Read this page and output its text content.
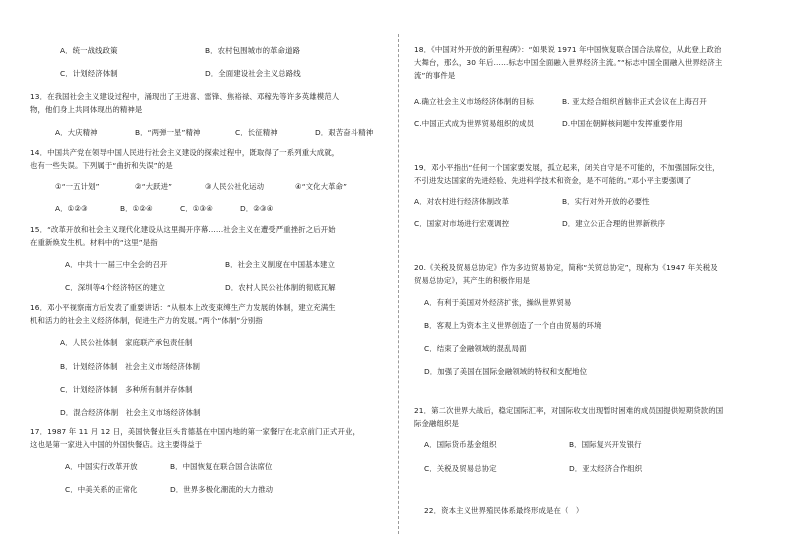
A．统一战线政策	B．农村包围城市的革命道路
C．计划经济体制	D．全面建设社会主义总路线
13．在我国社会主义建设过程中，涌现出了王进喜、雷锋、焦裕禄、邓稼先等许多英雄模范人
物，他们身上共同体现出的精神是
A．大庆精神	B．“两弹一星”精神	C．长征精神	D．艰苦奋斗精神
14．中国共产党在领导中国人民进行社会主义建设的探索过程中，既取得了一系列重大成就，
也有一些失误。下列属于“曲折和失误”的是
①“一五计划”	②“大跃进”	③人民公社化运动	④“文化大革命”
A．①②③	B．①②④	C．①③④	D．②③④
15．“改革开放和社会主义现代化建设从这里揭开序幕……社会主义在遭受严重挫折之后开始
在重新焕发生机。材料中的“这里”是指
A．中共十一届三中全会的召开	B．社会主义制度在中国基本建立
C．深圳等4个经济特区的建立	D．农村人民公社体制的彻底瓦解
16．邓小平视察南方后发表了重要讲话：“从根本上改变束缚生产力发展的体制，建立充满生
机和活力的社会主义经济体制，促进生产力的发展。”两个“体制”分别指
A．人民公社体制　家庭联产承包责任制
B．计划经济体制　社会主义市场经济体制
C．计划经济体制　多种所有制并存体制
D．混合经济体制　社会主义市场经济体制
17．1987 年 11 月 12 日，美国快餐业巨头肯德基在中国内地的第一家餐厅在北京前门正式开业，
这也是第一家进入中国的外国快餐店。这主要得益于
A．中国实行改革开放	B．中国恢复在联合国合法席位
C．中美关系的正常化	D．世界多极化潮流的大力推动
18．《中国对外开放的新里程碑》：“如果说 1971 年中国恢复联合国合法席位，从此登上政治
大舞台，那么，30 年后……标志中国全面融入世界经济主流。”“标志中国全面融入世界经济主
流”的事件是
A.确立社会主义市场经济体制的目标	B. 亚太经合组织首脑非正式会议在上海召开
C.中国正式成为世界贸易组织的成员	D.中国在朝鲜核问题中发挥重要作用
19．邓小平指出“任何一个国家要发展，孤立起来，闭关自守是不可能的，不加强国际交往，
不引进发达国家的先进经验、先进科学技术和资金，是不可能的。”邓小平主要强调了
A．对农村进行经济体制改革	B．实行对外开放的必要性
C．国家对市场进行宏观调控	D．建立公正合理的世界新秩序
20.《关税及贸易总协定》作为多边贸易协定，简称“关贸总协定”，现称为《1947 年关税及
贸易总协定》，其产生的积极作用是
A．有利于美国对外经济扩张，操纵世界贸易
B．客观上为资本主义世界创造了一个自由贸易的环境
C．结束了金融领域的混乱局面
D．加强了美国在国际金融领域的特权和支配地位
21．第二次世界大战后，稳定国际汇率，对国际收支出现暂时困难的成员国提供短期贷款的国
际金融组织是
A．国际货币基金组织	B．国际复兴开发银行
C．关税及贸易总协定	D．亚太经济合作组织
22．资本主义世界殖民体系最终形成是在（　）
